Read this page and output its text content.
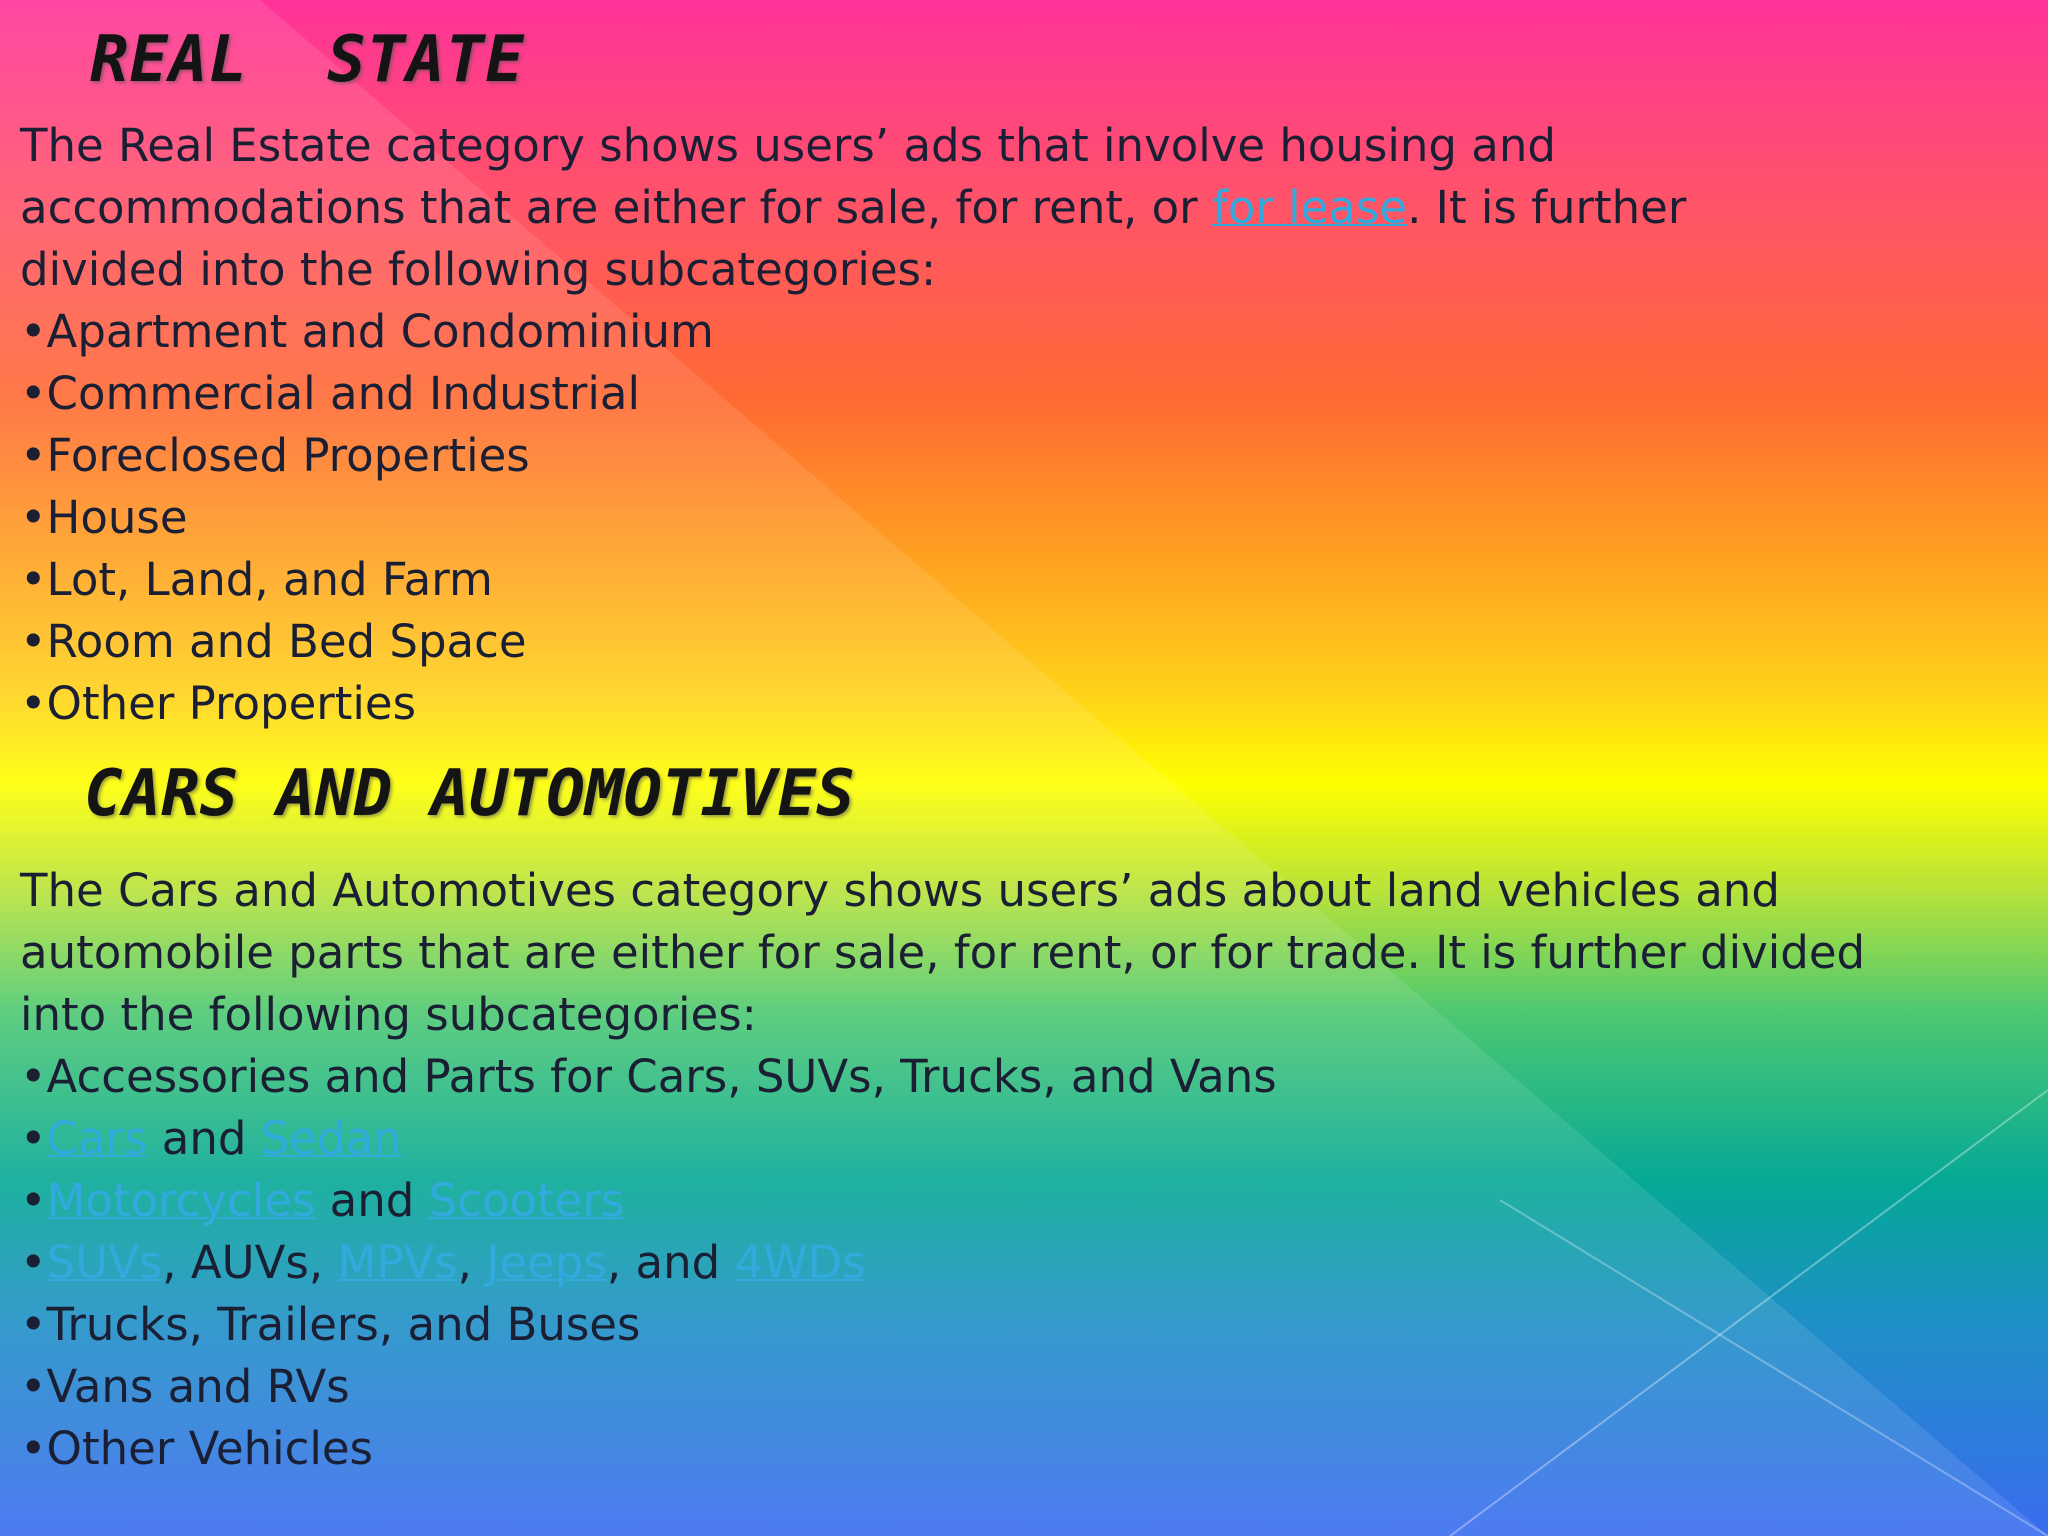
REAL  STATE
The Real Estate category shows users’ ads that involve housing and
accommodations that are either for sale, for rent, or for lease. It is further
divided into the following subcategories:
•Apartment and Condominium
•Commercial and Industrial
•Foreclosed Properties
•House
•Lot, Land, and Farm
•Room and Bed Space
•Other Properties
CARS AND AUTOMOTIVES
The Cars and Automotives category shows users’ ads about land vehicles and
automobile parts that are either for sale, for rent, or for trade. It is further divided
into the following subcategories:
•Accessories and Parts for Cars, SUVs, Trucks, and Vans
•Cars and Sedan
•Motorcycles and Scooters
•SUVs, AUVs, MPVs, Jeeps, and 4WDs
•Trucks, Trailers, and Buses
•Vans and RVs
•Other Vehicles
